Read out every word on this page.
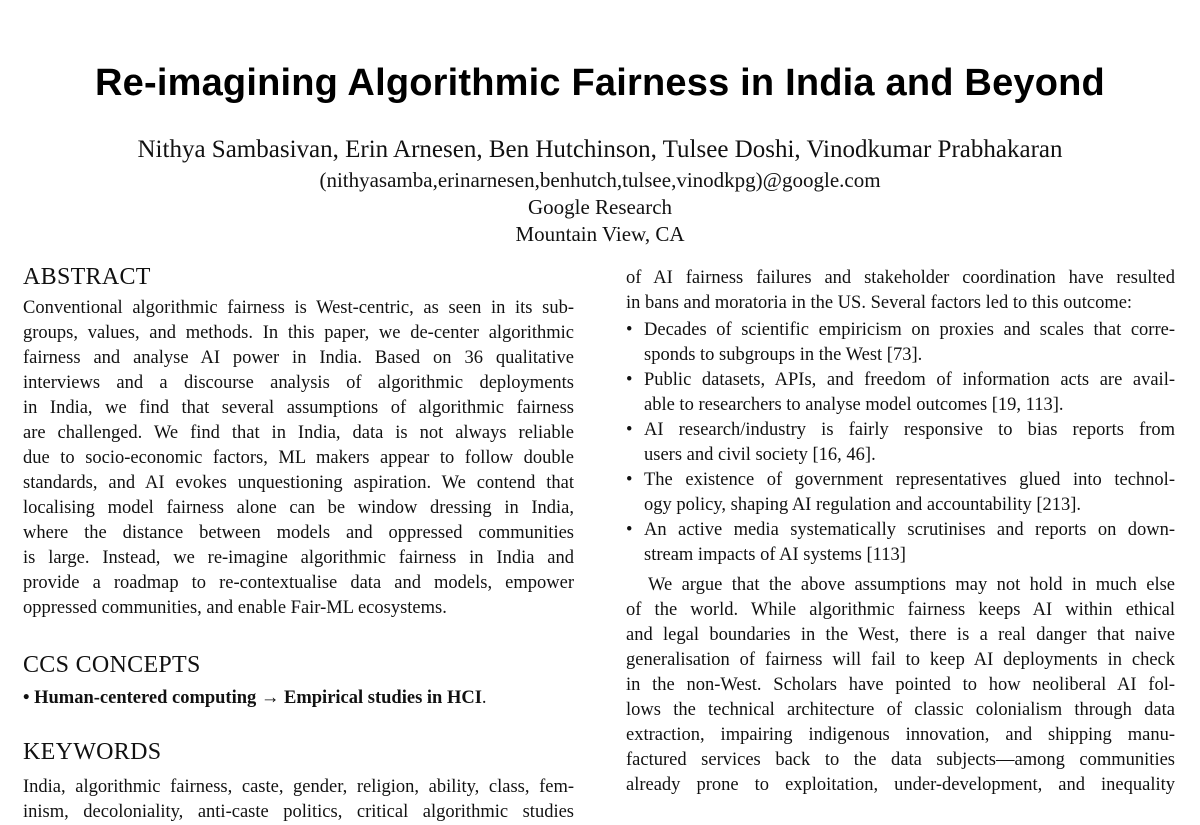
Re-imagining Algorithmic Fairness in India and Beyond
Nithya Sambasivan, Erin Arnesen, Ben Hutchinson, Tulsee Doshi, Vinodkumar Prabhakaran
(nithyasamba,erinarnesen,benhutch,tulsee,vinodkpg)@google.com
Google Research
Mountain View, CA
ABSTRACT
Conventional algorithmic fairness is West-centric, as seen in its sub-
groups, values, and methods. In this paper, we de-center algorithmic
fairness and analyse AI power in India. Based on 36 qualitative
interviews and a discourse analysis of algorithmic deployments
in India, we find that several assumptions of algorithmic fairness
are challenged. We find that in India, data is not always reliable
due to socio-economic factors, ML makers appear to follow double
standards, and AI evokes unquestioning aspiration. We contend that
localising model fairness alone can be window dressing in India,
where the distance between models and oppressed communities
is large. Instead, we re-imagine algorithmic fairness in India and
provide a roadmap to re-contextualise data and models, empower
oppressed communities, and enable Fair-ML ecosystems.
CCS CONCEPTS
• Human-centered computing → Empirical studies in HCI.
KEYWORDS
India, algorithmic fairness, caste, gender, religion, ability, class, fem-
inism, decoloniality, anti-caste politics, critical algorithmic studies
of AI fairness failures and stakeholder coordination have resulted
in bans and moratoria in the US. Several factors led to this outcome:
• Decades of scientific empiricism on proxies and scales that corre-
sponds to subgroups in the West [73].
• Public datasets, APIs, and freedom of information acts are avail-
able to researchers to analyse model outcomes [19, 113].
• AI research/industry is fairly responsive to bias reports from
users and civil society [16, 46].
• The existence of government representatives glued into technol-
ogy policy, shaping AI regulation and accountability [213].
• An active media systematically scrutinises and reports on down-
stream impacts of AI systems [113]
We argue that the above assumptions may not hold in much else
of the world. While algorithmic fairness keeps AI within ethical
and legal boundaries in the West, there is a real danger that naive
generalisation of fairness will fail to keep AI deployments in check
in the non-West. Scholars have pointed to how neoliberal AI fol-
lows the technical architecture of classic colonialism through data
extraction, impairing indigenous innovation, and shipping manu-
factured services back to the data subjects—among communities
already prone to exploitation, under-development, and inequality
